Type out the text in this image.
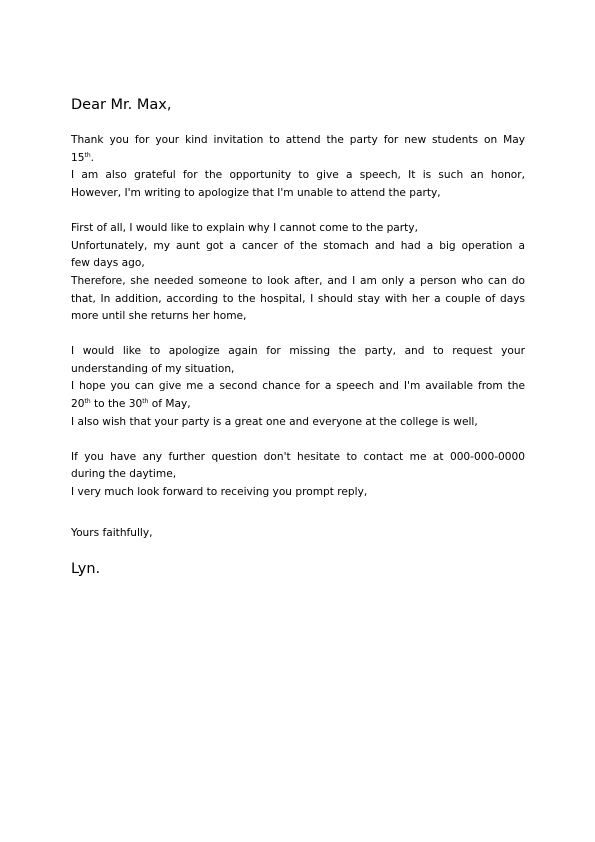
Dear Mr. Max,
Thank you for your kind invitation to attend the party for new students on May
15th.
I am also grateful for the opportunity to give a speech, It is such an honor,
However, I'm writing to apologize that I'm unable to attend the party,
First of all, I would like to explain why I cannot come to the party,
Unfortunately, my aunt got a cancer of the stomach and had a big operation a
few days ago,
Therefore, she needed someone to look after, and I am only a person who can do
that, In addition, according to the hospital, I should stay with her a couple of days
more until she returns her home,
I would like to apologize again for missing the party, and to request your
understanding of my situation,
I hope you can give me a second chance for a speech and I'm available from the
20th to the 30th of May,
I also wish that your party is a great one and everyone at the college is well,
If you have any further question don't hesitate to contact me at 000-000-0000
during the daytime,
I very much look forward to receiving you prompt reply,
Yours faithfully,
Lyn.
